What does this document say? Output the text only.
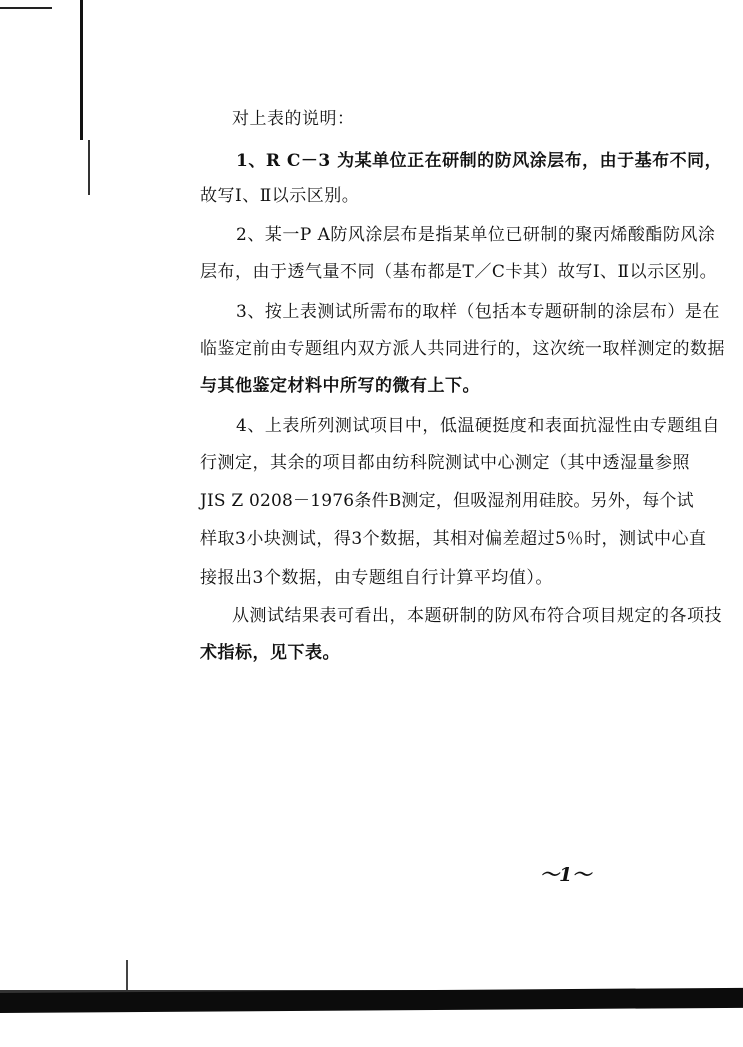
对上表的说明：
1、R C－3 为某单位正在研制的防风涂层布，由于基布不同，
故写Ⅰ、Ⅱ以示区别。
2、某一P A防风涂层布是指某单位已研制的聚丙烯酸酯防风涂
层布，由于透气量不同（基布都是T／C卡其）故写Ⅰ、Ⅱ以示区别。
3、按上表测试所需布的取样（包括本专题研制的涂层布）是在
临鉴定前由专题组内双方派人共同进行的，这次统一取样测定的数据
与其他鉴定材料中所写的微有上下。
4、上表所列测试项目中，低温硬挺度和表面抗湿性由专题组自
行测定，其余的项目都由纺科院测试中心测定（其中透湿量参照
JIS Z 0208－1976条件B测定，但吸湿剂用硅胶。另外，每个试
样取3小块测试，得3个数据，其相对偏差超过5％时，测试中心直
接报出3个数据，由专题组自行计算平均值）。
从测试结果表可看出，本题研制的防风布符合项目规定的各项技
术指标，见下表。
～1～
